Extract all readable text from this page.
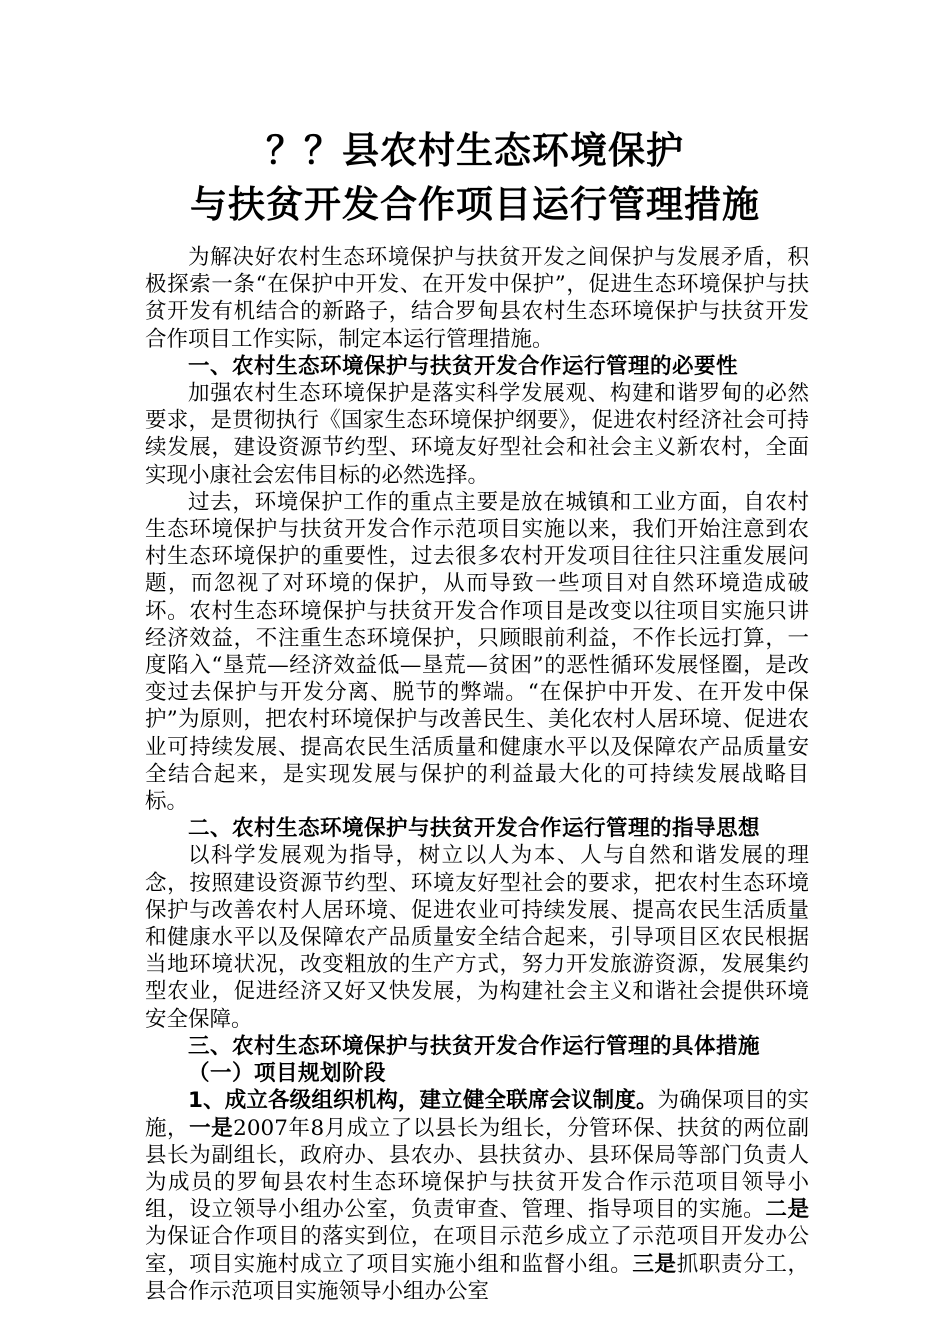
？？县农村生态环境保护
与扶贫开发合作项目运行管理措施

为解决好农村生态环境保护与扶贫开发之间保护与发展矛盾，积极探索一条“在保护中开发、在开发中保护”，促进生态环境保护与扶贫开发有机结合的新路子，结合罗甸县农村生态环境保护与扶贫开发合作项目工作实际，制定本运行管理措施。

一、农村生态环境保护与扶贫开发合作运行管理的必要性

加强农村生态环境保护是落实科学发展观、构建和谐罗甸的必然要求，是贯彻执行《国家生态环境保护纲要》，促进农村经济社会可持续发展，建设资源节约型、环境友好型社会和社会主义新农村，全面实现小康社会宏伟目标的必然选择。

过去，环境保护工作的重点主要是放在城镇和工业方面，自农村生态环境保护与扶贫开发合作示范项目实施以来，我们开始注意到农村生态环境保护的重要性，过去很多农村开发项目往往只注重发展问题，而忽视了对环境的保护，从而导致一些项目对自然环境造成破坏。农村生态环境保护与扶贫开发合作项目是改变以往项目实施只讲经济效益，不注重生态环境保护，只顾眼前利益，不作长远打算，一度陷入“垦荒—经济效益低—垦荒—贫困”的恶性循环发展怪圈，是改变过去保护与开发分离、脱节的弊端。“在保护中开发、在开发中保护”为原则，把农村环境保护与改善民生、美化农村人居环境、促进农业可持续发展、提高农民生活质量和健康水平以及保障农产品质量安全结合起来，是实现发展与保护的利益最大化的可持续发展战略目标。

二、农村生态环境保护与扶贫开发合作运行管理的指导思想

以科学发展观为指导，树立以人为本、人与自然和谐发展的理念，按照建设资源节约型、环境友好型社会的要求，把农村生态环境保护与改善农村人居环境、促进农业可持续发展、提高农民生活质量和健康水平以及保障农产品质量安全结合起来，引导项目区农民根据当地环境状况，改变粗放的生产方式，努力开发旅游资源，发展集约型农业，促进经济又好又快发展，为构建社会主义和谐社会提供环境安全保障。

三、农村生态环境保护与扶贫开发合作运行管理的具体措施

（一）项目规划阶段

1、成立各级组织机构，建立健全联席会议制度。为确保项目的实施，一是2007年8月成立了以县长为组长，分管环保、扶贫的两位副县长为副组长，政府办、县农办、县扶贫办、县环保局等部门负责人为成员的罗甸县农村生态环境保护与扶贫开发合作示范项目领导小组，设立领导小组办公室，负责审查、管理、指导项目的实施。二是为保证合作项目的落实到位，在项目示范乡成立了示范项目开发办公室，项目实施村成立了项目实施小组和监督小组。三是抓职责分工，县合作示范项目实施领导小组办公室
